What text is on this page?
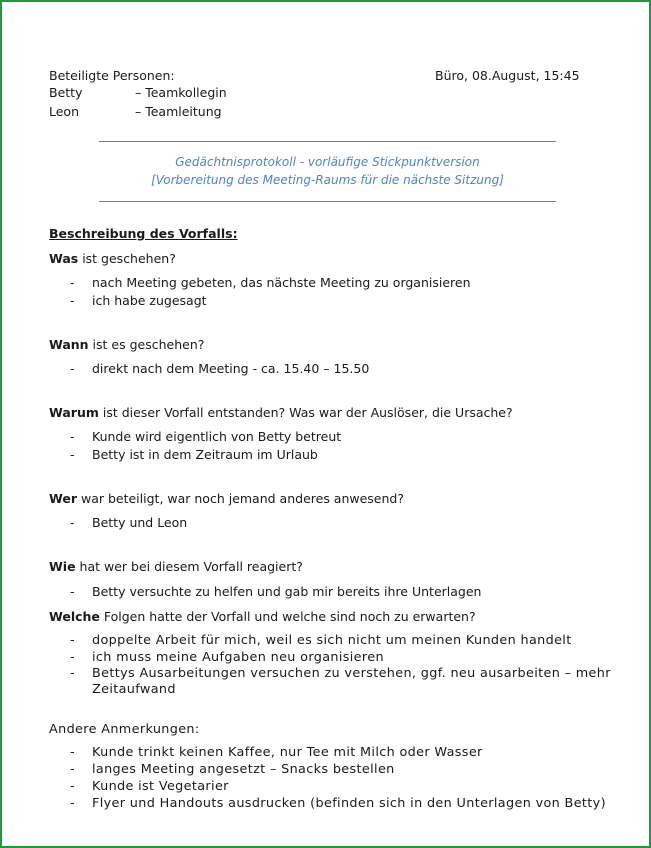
Beteiligte Personen:	Büro, 08.August, 15:45
Betty	– Teamkollegin
Leon	– Teamleitung
Gedächtnisprotokoll - vorläufige Stickpunktversion
[Vorbereitung des Meeting-Raums für die nächste Sitzung]
Beschreibung des Vorfalls:
Was ist geschehen?
- nach Meeting gebeten, das nächste Meeting zu organisieren
- ich habe zugesagt
Wann ist es geschehen?
- direkt nach dem Meeting - ca. 15.40 – 15.50
Warum ist dieser Vorfall entstanden? Was war der Auslöser, die Ursache?
- Kunde wird eigentlich von Betty betreut
- Betty ist in dem Zeitraum im Urlaub
Wer war beteiligt, war noch jemand anderes anwesend?
- Betty und Leon
Wie hat wer bei diesem Vorfall reagiert?
- Betty versuchte zu helfen und gab mir bereits ihre Unterlagen
Welche Folgen hatte der Vorfall und welche sind noch zu erwarten?
- doppelte Arbeit für mich, weil es sich nicht um meinen Kunden handelt
- ich muss meine Aufgaben neu organisieren
- Bettys Ausarbeitungen versuchen zu verstehen, ggf. neu ausarbeiten – mehr
Zeitaufwand
Andere Anmerkungen:
- Kunde trinkt keinen Kaffee, nur Tee mit Milch oder Wasser
- langes Meeting angesetzt – Snacks bestellen
- Kunde ist Vegetarier
- Flyer und Handouts ausdrucken (befinden sich in den Unterlagen von Betty)
